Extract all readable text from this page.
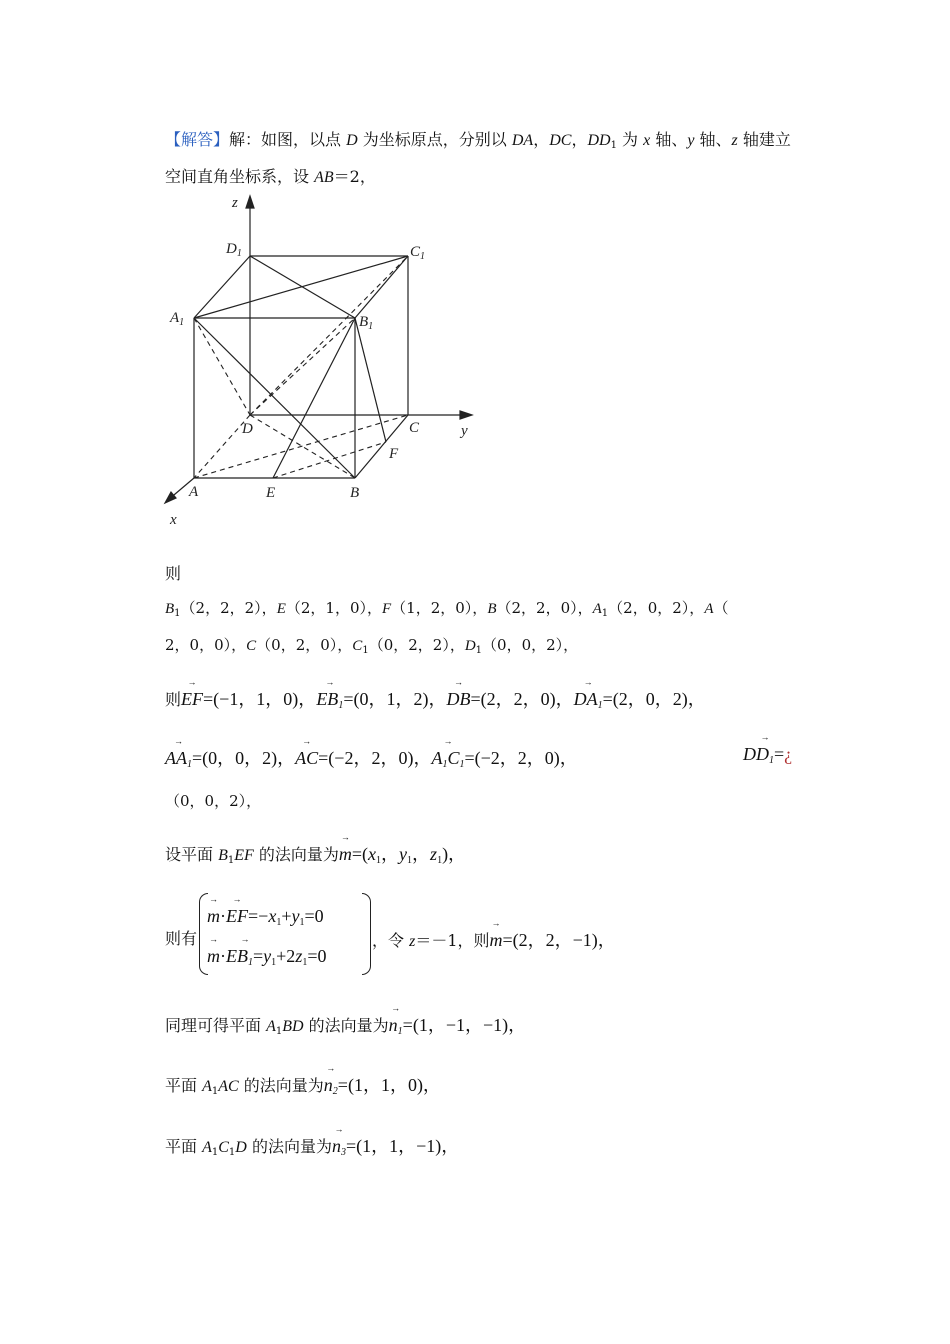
【解答】解：如图，以点 D 为坐标原点，分别以 DA，DC，$DD_1$ 为 x 轴、y 轴、z 轴建立
空间直角坐标系，设 AB＝2，
z
$D_1$	$C_1$
$A_1$	$B_1$
D	C	y
F
A	E	B
x
则
$B_1(2$，2，2），E（2，1，0），F（1，2，0），B（2，2，0），$A_1(2$，0，2），A（
2，0，0），C（0，2，0），$C_1(0$，2，2），$D_1(0$，0，2），
则→ EF=(−1，1，0)，→ $EB_1=(0$，1，2)，→ DB=(2，2，0)，→ $DA_1=(2$，0，2)，
→ $AA_1=(0$，0，2)，→ AC=(−2，2，0)，→ $A_1C_1=(-2$，2，0)，	$D\to D_1=¿$
（0，0，2），
设平面 $B_1EF$ 的法向量为→ $m=(x_1$，$y_1$，$z_1$)，
则有
→ $m\cdot\to EF=-x_1+y_1=0$
→ $m\cdot E\to B_1=y_1+2z_1=0$
，令 z＝－1，则→ m=(2，2，−1)，
同理可得平面 $A_1BD$ 的法向量为→ $n_1=(1$，−1，−1)，
平面 $A_1AC$ 的法向量为→ $n_2=(1$，1，0)，
平面 $A_1C_1D$ 的法向量为→ $n_3=(1$，1，−1)，
